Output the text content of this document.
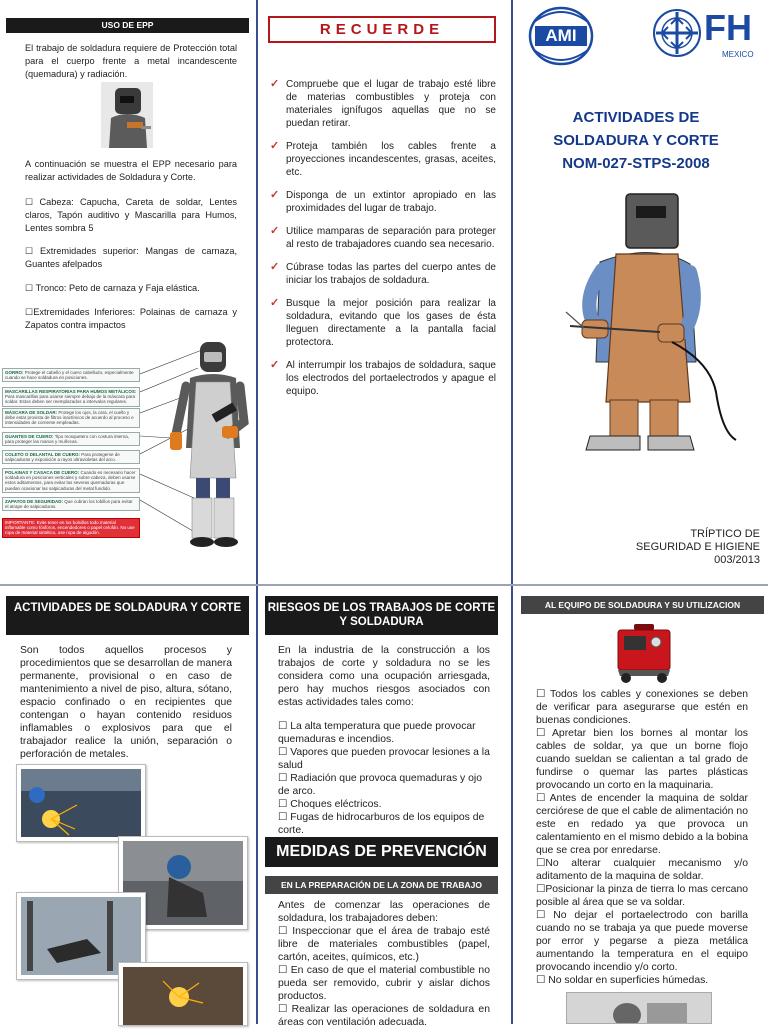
USO DE EPP
El trabajo de soldadura requiere de Protección total para el cuerpo frente a metal incandescente (quemadura) y radiación.
A continuación se muestra el EPP necesario para realizar actividades de Soldadura y Corte.
☐ Cabeza: Capucha, Careta de soldar, Lentes claros, Tapón auditivo y Mascarilla para Humos, Lentes sombra 5
☐ Extremidades superior: Mangas de carnaza, Guantes afelpados
☐ Tronco: Peto de carnaza y Faja elástica.
☐Extremidades Inferiores: Polainas de carnaza y Zapatos contra impactos
GORRO: Protege el cabello y el cuero cabelludo, especialmente cuando se hace soldadura en posiciones.
MASCARILLAS RESPIRATORIAS PARA HUMOS METÁLICOS: Para mascarillas para usarse siempre debajo de la máscara para soldar. Estos deben ser reemplazados a intervalos regulares.
MÁSCARA DE SOLDAR: Protege los ojos, la cara, el cuello y debe estar provista de filtros inactínicos de acuerdo al proceso e intensidades de corriente empleadas.
GUANTES DE CUERO: Tipo mosquetero con costura interna, para proteger las manos y muñecas.
COLETO O DELANTAL DE CUERO: Para protegerse de salpicaduras y exposición a rayos ultravioletas del arco.
POLAINAS Y CASACA DE CUERO: Cuando es necesario hacer soldadura en posiciones verticales y sobre cabeza, deben usarse estos aditamentos, para evitar las severas quemaduras que puedan ocasionar las salpicaduras del metal fundido.
ZAPATOS DE SEGURIDAD: Que cubran los tobillos para evitar el atrape de salpicaduras.
IMPORTANTE: Evite tener en los bolsillos todo material inflamable como fósforos, encendedores o papel celofán. No use ropa de material sintético, use ropa de algodón.
RECUERDE
✓ Compruebe que el lugar de trabajo esté libre de materias combustibles y proteja con materiales ignífugos aquellas que no se puedan retirar.
✓ Proteja también los cables frente a proyecciones incandescentes, grasas, aceites, etc.
✓ Disponga de un extintor apropiado en las proximidades del lugar de trabajo.
✓ Utilice mamparas de separación para proteger al resto de trabajadores cuando sea necesario.
✓ Cúbrase todas las partes del cuerpo antes de iniciar los trabajos de soldadura.
✓ Busque la mejor posición para realizar la soldadura, evitando que los gases de ésta lleguen directamente a la pantalla facial protectora.
✓ Al interrumpir los trabajos de soldadura, saque los electrodos del portaelectrodos y apague el equipo.
AMI	FH
MEXICO
ACTIVIDADES DE
SOLDADURA Y CORTE
NOM-027-STPS-2008
TRÍPTICO DE
SEGURIDAD E HIGIENE
003/2013
ACTIVIDADES DE SOLDADURA Y CORTE
Son todos aquellos procesos y procedimientos que se desarrollan de manera permanente, provisional o en caso de mantenimiento a nivel de piso, altura, sótano, espacio confinado o en recipientes que contengan o hayan contenido residuos inflamables o explosivos para que el trabajador realice la unión, separación o perforación de metales.
RIESGOS DE LOS TRABAJOS DE CORTE Y SOLDADURA
En la industria de la construcción a los trabajos de corte y soldadura no se les considera como una ocupación arriesgada, pero hay muchos riesgos asociados con estas actividades tales como:
☐ La alta temperatura que puede provocar quemaduras e incendios.
☐ Vapores que pueden provocar lesiones a la salud
☐ Radiación que provoca quemaduras y ojo de arco.
☐ Choques eléctricos.
☐ Fugas de hidrocarburos de los equipos de corte.
MEDIDAS DE PREVENCIÓN
EN LA PREPARACIÓN DE LA ZONA DE TRABAJO
Antes de comenzar las operaciones de soldadura, los trabajadores deben:
☐ Inspeccionar que el área de trabajo esté libre de materiales combustibles (papel, cartón, aceites, químicos, etc.)
☐ En caso de que el material combustible no pueda ser removido, cubrir y aislar dichos productos.
☐ Realizar las operaciones de soldadura en áreas con ventilación adecuada.
AL EQUIPO DE SOLDADURA Y SU UTILIZACION
☐ Todos los cables y conexiones se deben de verificar para asegurarse que estén en buenas condiciones.
☐ Apretar bien los bornes al montar los cables de soldar, ya que un borne flojo cuando sueldan se calientan a tal grado de fundirse o quemar las partes plásticas provocando un corto en la maquinaria.
☐ Antes de encender la maquina de soldar cerciórese de que el cable de alimentación no este en redado ya que provoca un calentamiento en el mismo debido a la bobina que se crea por enredarse.
☐No alterar cualquier mecanismo y/o aditamento de la maquina de soldar.
☐Posicionar la pinza de tierra lo mas cercano posible al área que se va soldar.
☐ No dejar el portaelectrodo con barilla cuando no se trabaja ya que puede moverse por error y pegarse a pieza metálica aumentando la temperatura en el equipo provocando incendio y/o corto.
☐ No soldar en superficies húmedas.
